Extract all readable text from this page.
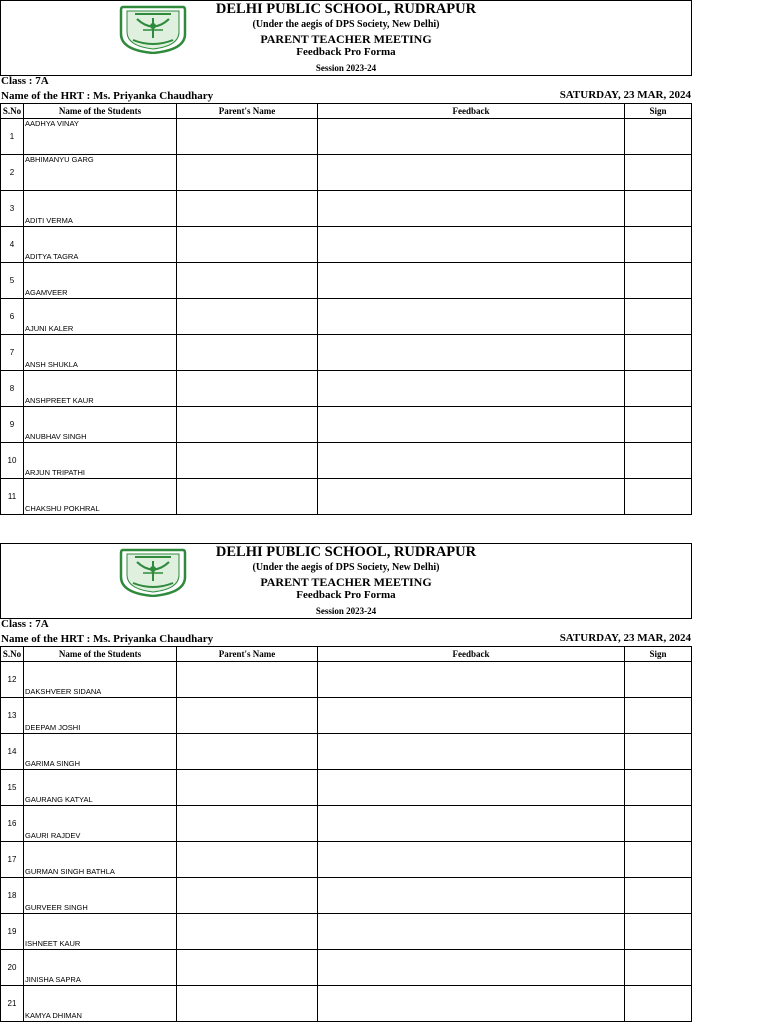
DELHI PUBLIC SCHOOL, RUDRAPUR
(Under the aegis of DPS Society, New Delhi)
PARENT TEACHER MEETING
Feedback Pro Forma
Session 2023-24
Class : 7A
Name of the HRT : Ms. Priyanka Chaudhary	SATURDAY, 23 MAR, 2024
S.No	Name of the Students	Parent's Name	Feedback	Sign
1	AADHYA VINAY			

2	ABHIMANYU GARG			

3	ADITI VERMA			

4	ADITYA TAGRA			

5	AGAMVEER			

6	AJUNI KALER			

7	ANSH SHUKLA			

8	ANSHPREET KAUR			

9	ANUBHAV SINGH			

10	ARJUN TRIPATHI			

11	CHAKSHU POKHRAL			

DELHI PUBLIC SCHOOL, RUDRAPUR
(Under the aegis of DPS Society, New Delhi)
PARENT TEACHER MEETING
Feedback Pro Forma
Session 2023-24
Class : 7A
Name of the HRT : Ms. Priyanka Chaudhary	SATURDAY, 23 MAR, 2024
S.No	Name of the Students	Parent's Name	Feedback	Sign
12	DAKSHVEER SIDANA			

13	DEEPAM JOSHI			

14	GARIMA SINGH			

15	GAURANG KATYAL			

16	GAURI RAJDEV			

17	GURMAN SINGH BATHLA			

18	GURVEER SINGH			

19	ISHNEET KAUR			

20	JINISHA SAPRA			

21	KAMYA DHIMAN			
